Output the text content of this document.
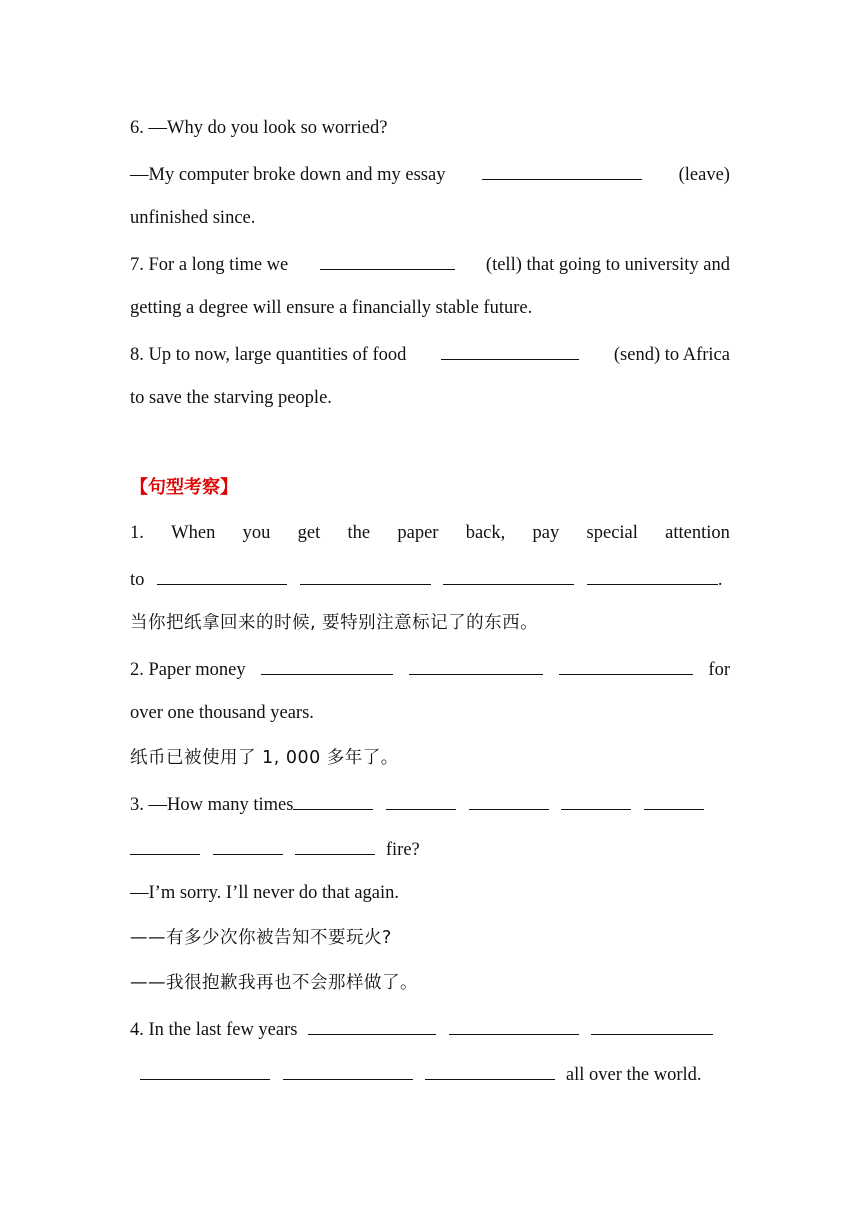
6. —Why do you look so worried?
—My computer broke down and my essay	(leave)
unfinished since.
7. For a long time we	(tell) that going to university and
getting a degree will ensure a financially stable future.
8. Up to now, large quantities of food	(send) to Africa
to save the starving people.
【句型考察】
1. When you get the paper back, pay special attention
to	.
当你把纸拿回来的时候, 要特别注意标记了的东西。
2. Paper money	for
over one thousand years.
纸币已被使用了 1, 000 多年了。
3. —How many times
fire?
—I’m sorry. I’ll never do that again.
——有多少次你被告知不要玩火?
——我很抱歉我再也不会那样做了。
4. In the last few years
all over the world.
